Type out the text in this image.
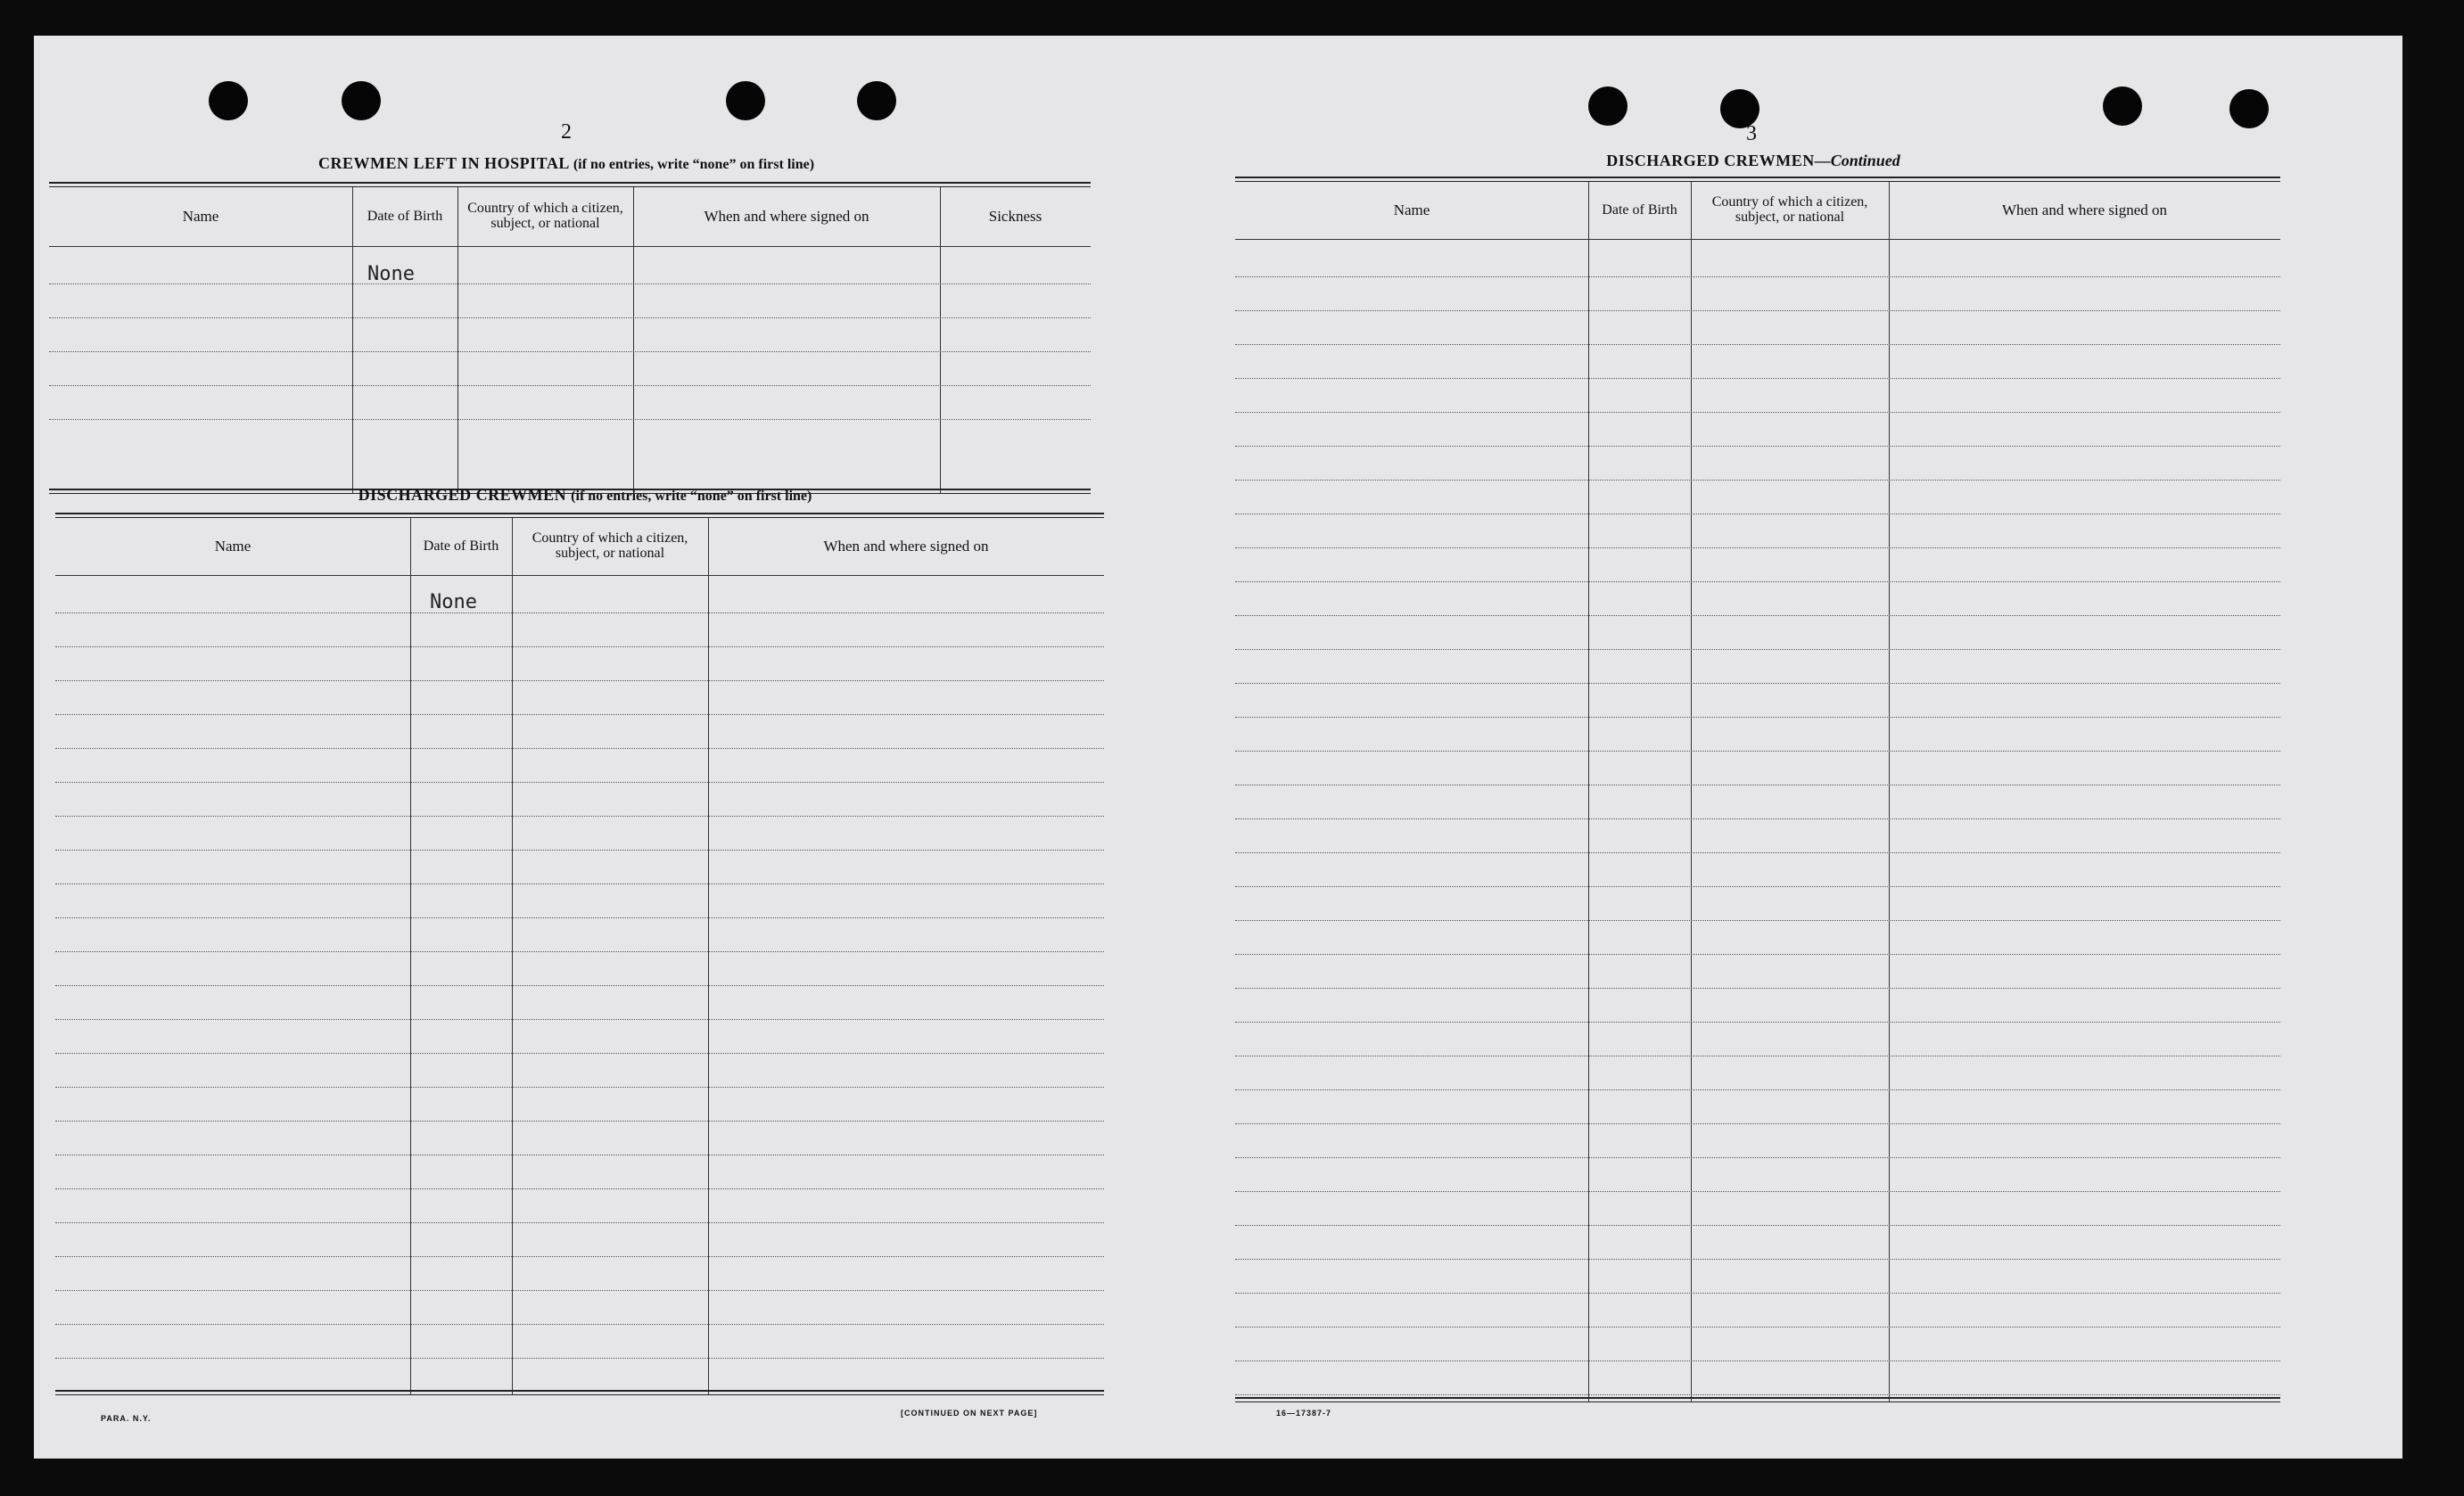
2
CREWMEN LEFT IN HOSPITAL (if no entries, write “none” on first line)
Name	Date of Birth	Country of which a citizen, subject, or national	When and where signed on	Sickness
None
DISCHARGED CREWMEN (if no entries, write “none” on first line)
Name	Date of Birth	Country of which a citizen, subject, or national	When and where signed on
None
PARA. N.Y.
[CONTINUED ON NEXT PAGE]
3
DISCHARGED CREWMEN—Continued
Name	Date of Birth	Country of which a citizen, subject, or national	When and where signed on
16—17387-7
